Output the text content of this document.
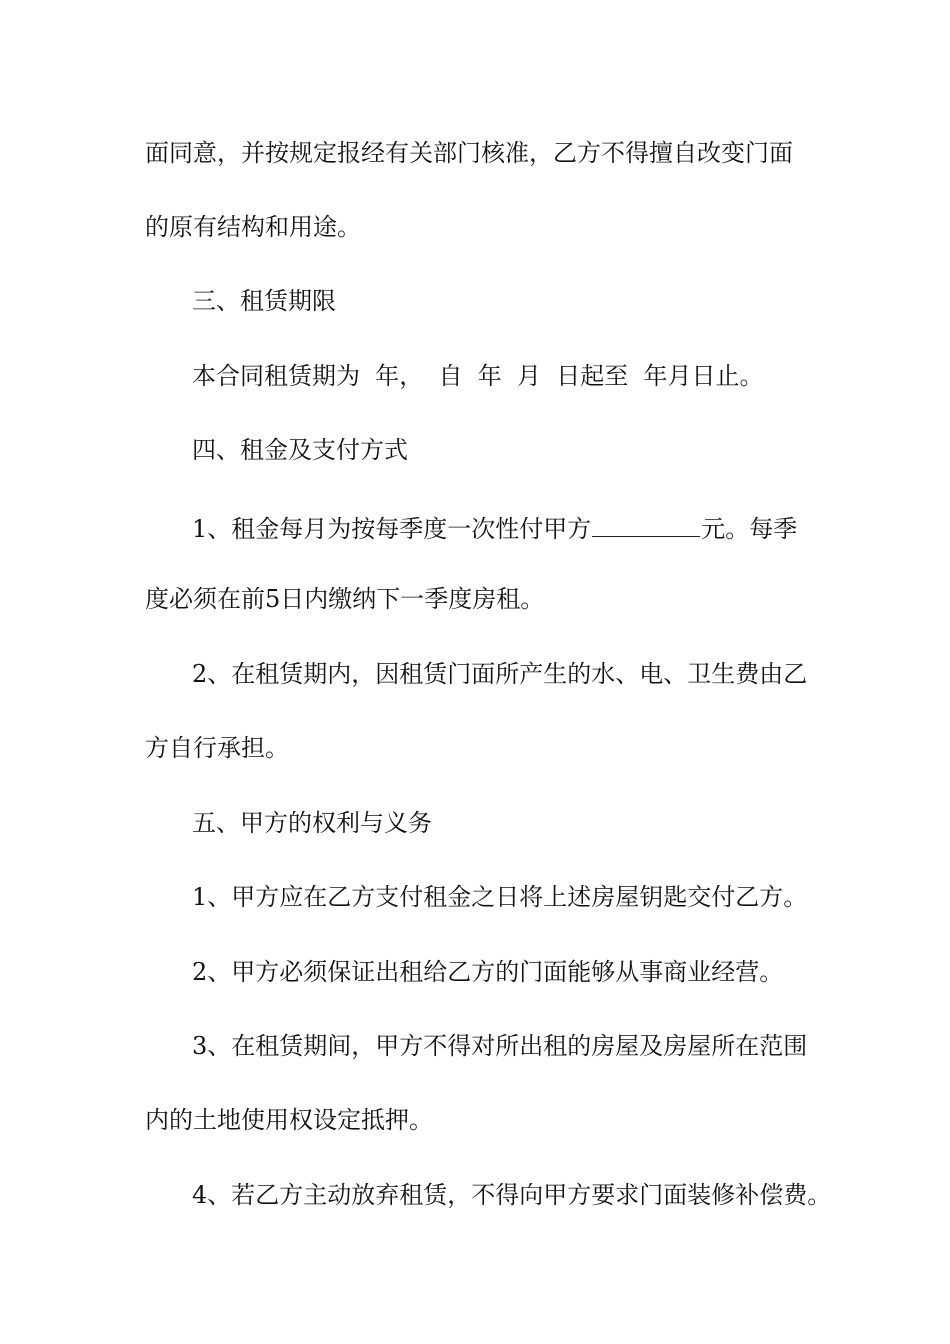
面同意，并按规定报经有关部门核准，乙方不得擅自改变门面
的原有结构和用途。
三、租赁期限
本合同租赁期为  年，  自  年  月  日起至  年月日止。
四、租金及支付方式
1、租金每月为按每季度一次性付甲方	元。每季
度必须在前5日内缴纳下一季度房租。
2、在租赁期内，因租赁门面所产生的水、电、卫生费由乙
方自行承担。
五、甲方的权利与义务
1、甲方应在乙方支付租金之日将上述房屋钥匙交付乙方。
2、甲方必须保证出租给乙方的门面能够从事商业经营。
3、在租赁期间，甲方不得对所出租的房屋及房屋所在范围
内的土地使用权设定抵押。
4、若乙方主动放弃租赁，不得向甲方要求门面装修补偿费。
